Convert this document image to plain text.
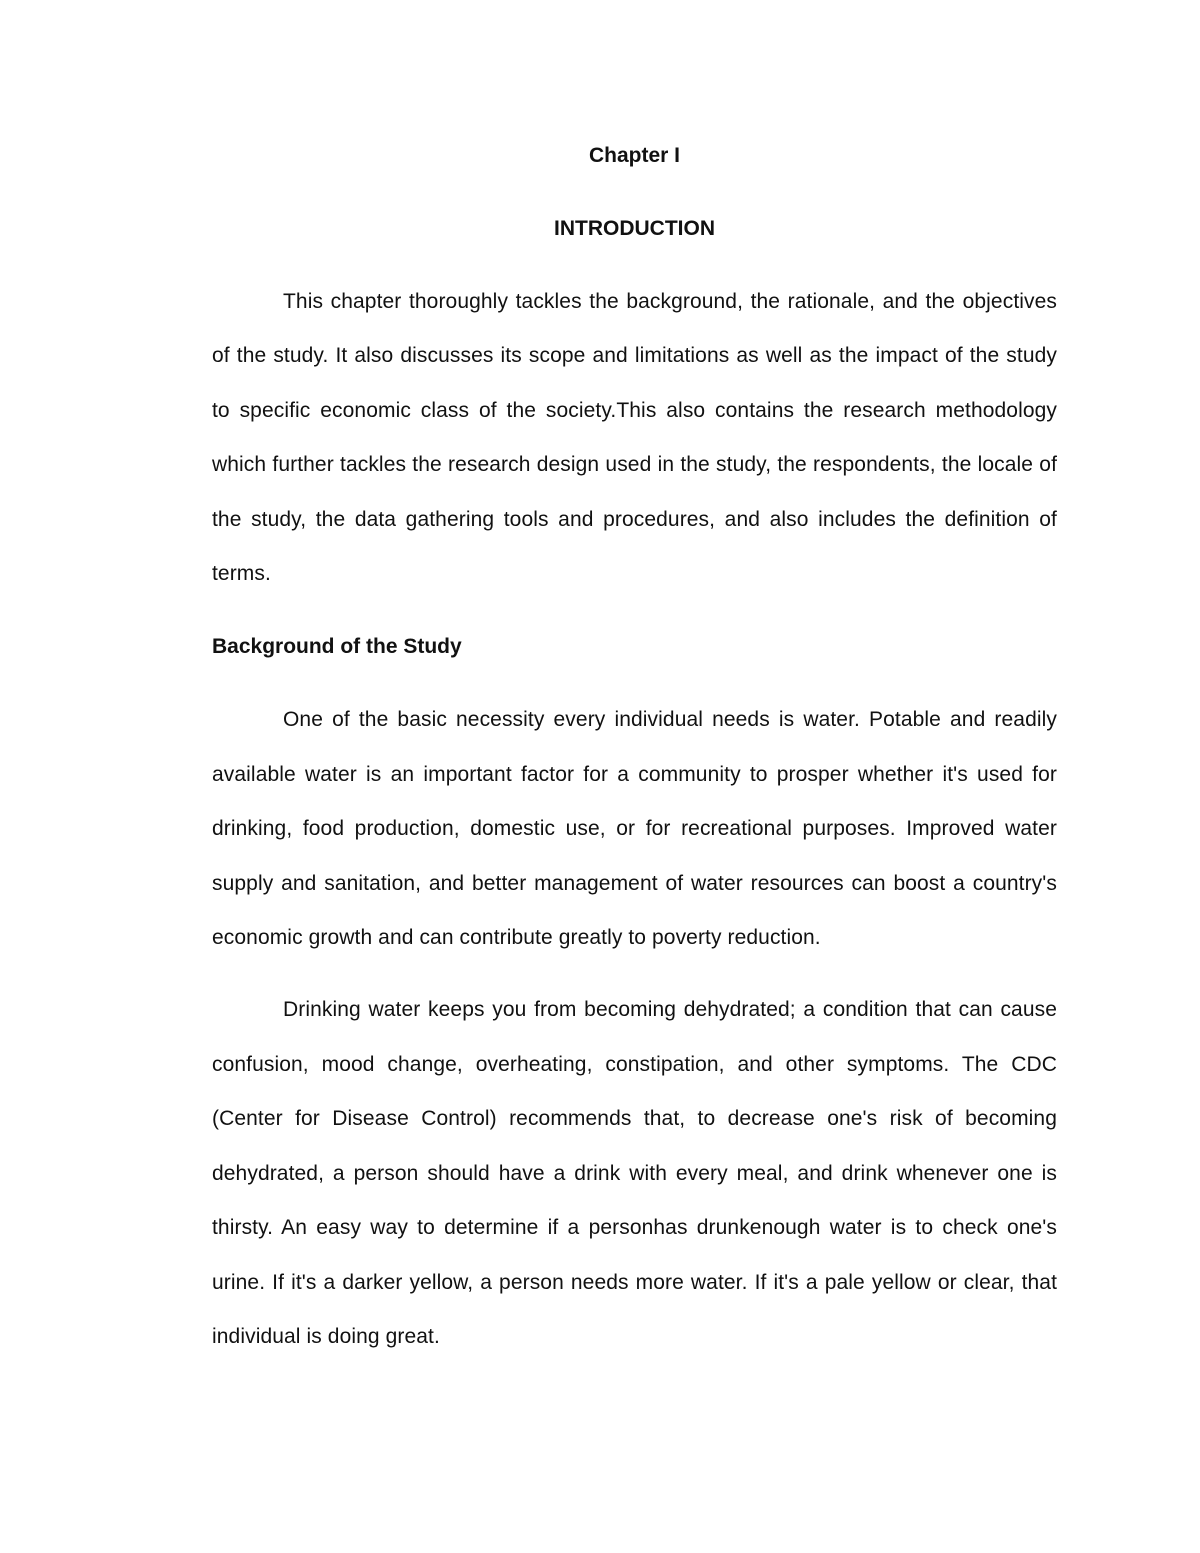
Chapter I
INTRODUCTION

This chapter thoroughly tackles the background, the rationale, and the objectives of the study. It also discusses its scope and limitations as well as the impact of the study to specific economic class of the society.This also contains the research methodology which further tackles the research design used in the study, the respondents, the locale of the study, the data gathering tools and procedures, and also includes the definition of terms.

Background of the Study

One of the basic necessity every individual needs is water. Potable and readily available water is an important factor for a community to prosper whether it's used for drinking, food production, domestic use, or for recreational purposes. Improved water supply and sanitation, and better management of water resources can boost a country's economic growth and can contribute greatly to poverty reduction.

Drinking water keeps you from becoming dehydrated; a condition that can cause confusion, mood change, overheating, constipation, and other symptoms. The CDC (Center for Disease Control) recommends that, to decrease one's risk of becoming dehydrated, a person should have a drink with every meal, and drink whenever one is thirsty. An easy way to determine if a personhas drunkenough water is to check one's urine. If it's a darker yellow, a person needs more water. If it's a pale yellow or clear, that individual is doing great.
